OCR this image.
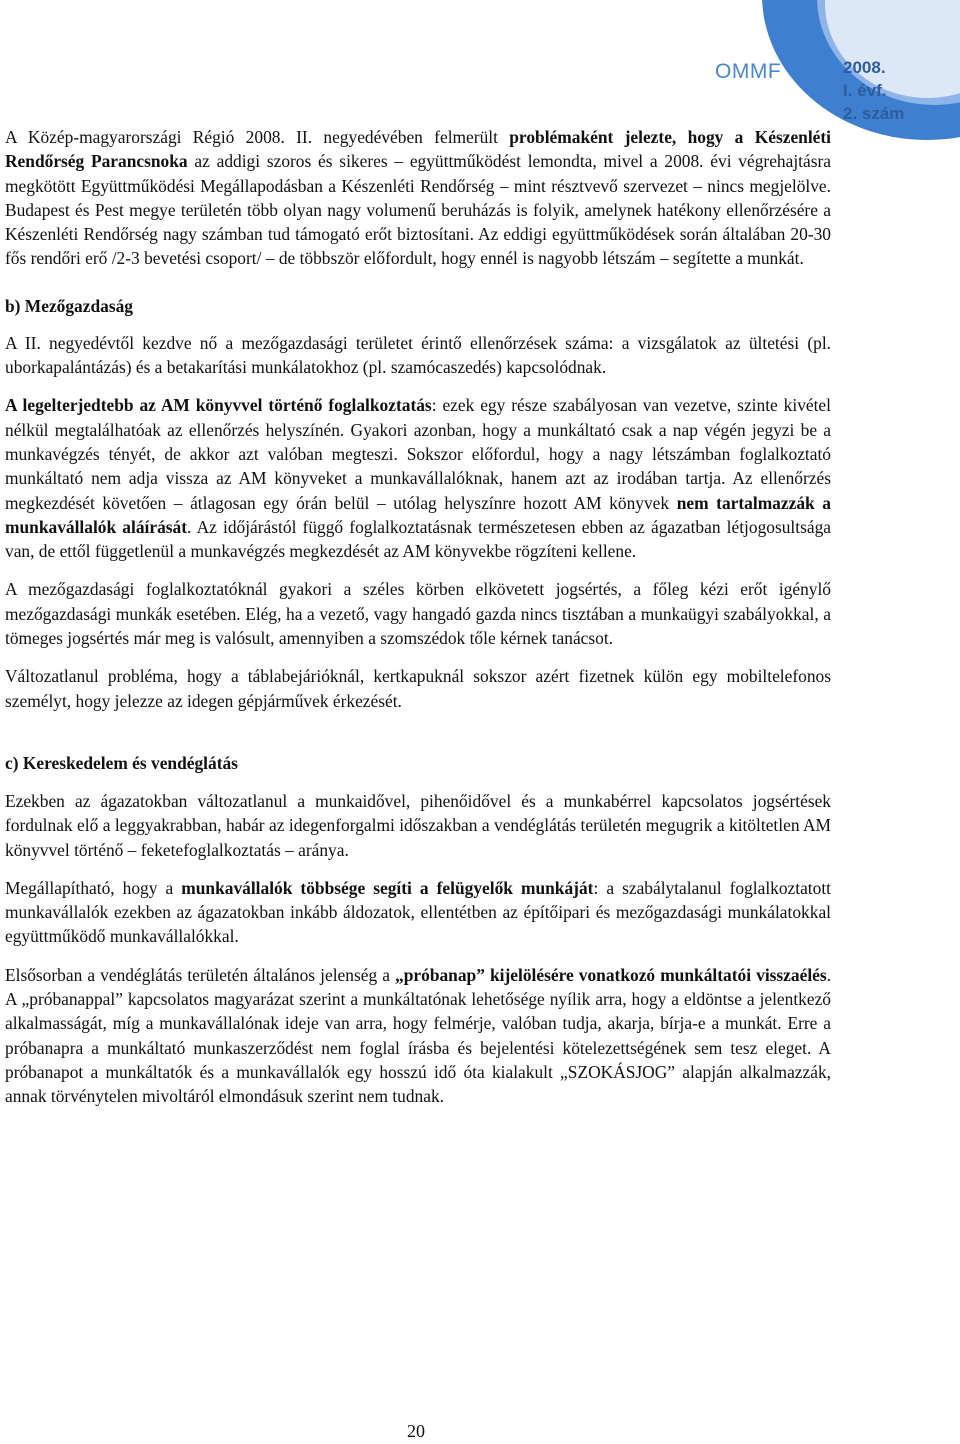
OMMF	2008.
I. évf.
2. szám

A Közép-magyarországi Régió 2008. II. negyedévében felmerült problémaként jelezte, hogy a Készenléti Rendőrség Parancsnoka az addigi szoros és sikeres – együttműködést lemondta, mivel a 2008. évi végrehajtásra megkötött Együttműködési Megállapodásban a Készenléti Rendőrség – mint résztvevő szervezet – nincs megjelölve. Budapest és Pest megye területén több olyan nagy volumenű beruházás is folyik, amelynek hatékony ellenőrzésére a Készenléti Rendőrség nagy számban tud támogató erőt biztosítani. Az eddigi együttműködések során általában 20-30 fős rendőri erő /2-3 bevetési csoport/ – de többször előfordult, hogy ennél is nagyobb létszám – segítette a munkát.

b) Mezőgazdaság

A II. negyedévtől kezdve nő a mezőgazdasági területet érintő ellenőrzések száma: a vizsgálatok az ültetési (pl. uborkapalántázás) és a betakarítási munkálatokhoz (pl. szamócaszedés) kapcsolódnak.

A legelterjedtebb az AM könyvvel történő foglalkoztatás: ezek egy része szabályosan van vezetve, szinte kivétel nélkül megtalálhatóak az ellenőrzés helyszínén. Gyakori azonban, hogy a munkáltató csak a nap végén jegyzi be a munkavégzés tényét, de akkor azt valóban megteszi. Sokszor előfordul, hogy a nagy létszámban foglalkoztató munkáltató nem adja vissza az AM könyveket a munkavállalóknak, hanem azt az irodában tartja. Az ellenőrzés megkezdését követően – átlagosan egy órán belül – utólag helyszínre hozott AM könyvek nem tartalmazzák a munkavállalók aláírását. Az időjárástól függő foglalkoztatásnak természetesen ebben az ágazatban létjogosultsága van, de ettől függetlenül a munkavégzés megkezdését az AM könyvekbe rögzíteni kellene.

A mezőgazdasági foglalkoztatóknál gyakori a széles körben elkövetett jogsértés, a főleg kézi erőt igénylő mezőgazdasági munkák esetében. Elég, ha a vezető, vagy hangadó gazda nincs tisztában a munkaügyi szabályokkal, a tömeges jogsértés már meg is valósult, amennyiben a szomszédok tőle kérnek tanácsot.

Változatlanul probléma, hogy a táblabejárióknál, kertkapuknál sokszor azért fizetnek külön egy mobiltelefonos személyt, hogy jelezze az idegen gépjárművek érkezését.

c) Kereskedelem és vendéglátás

Ezekben az ágazatokban változatlanul a munkaidővel, pihenőidővel és a munkabérrel kapcsolatos jogsértések fordulnak elő a leggyakrabban, habár az idegenforgalmi időszakban a vendéglátás területén megugrik a kitöltetlen AM könyvvel történő – feketefoglalkoztatás – aránya.

Megállapítható, hogy a munkavállalók többsége segíti a felügyelők munkáját: a szabálytalanul foglalkoztatott munkavállalók ezekben az ágazatokban inkább áldozatok, ellentétben az építőipari és mezőgazdasági munkálatokkal együttműködő munkavállalókkal.

Elsősorban a vendéglátás területén általános jelenség a „próbanap” kijelölésére vonatkozó munkáltatói visszaélés. A „próbanappal” kapcsolatos magyarázat szerint a munkáltatónak lehetősége nyílik arra, hogy a eldöntse a jelentkező alkalmasságát, míg a munkavállalónak ideje van arra, hogy felmérje, valóban tudja, akarja, bírja-e a munkát. Erre a próbanapra a munkáltató munkaszerződést nem foglal írásba és bejelentési kötelezettségének sem tesz eleget. A próbanapot a munkáltatók és a munkavállalók egy hosszú idő óta kialakult „SZOKÁSJOG” alapján alkalmazzák, annak törvénytelen mivoltáról elmondásuk szerint nem tudnak.

20
